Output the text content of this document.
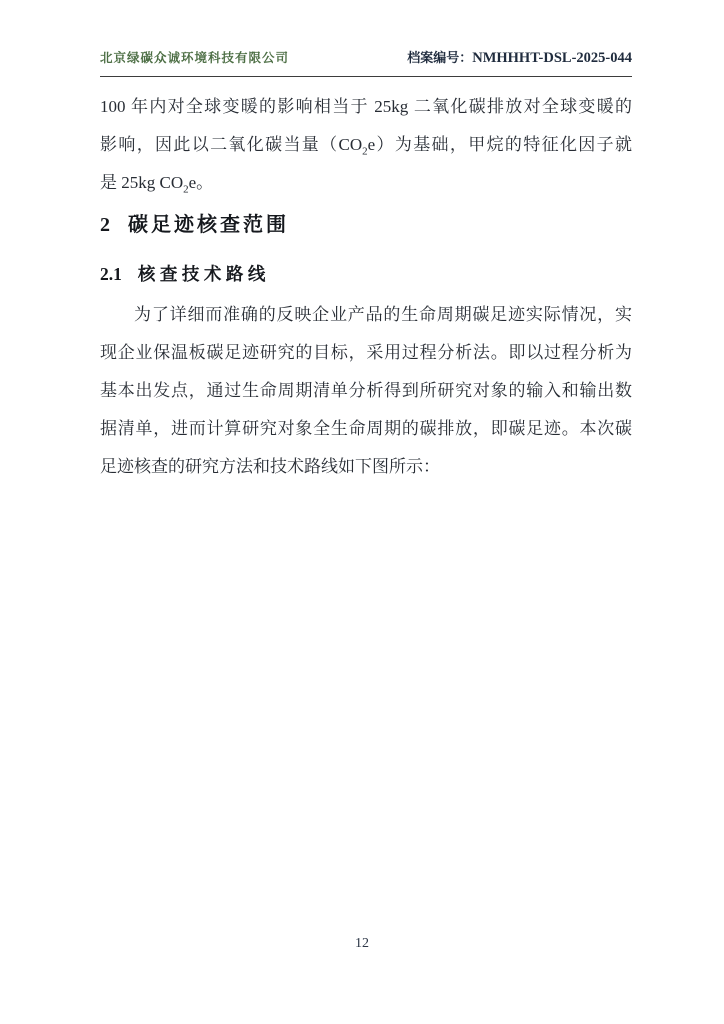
北京绿碳众诚环境科技有限公司	档案编号：NMHHHT-DSL-2025-044

100 年内对全球变暖的影响相当于 25kg 二氧化碳排放对全球变暖的
影响，因此以二氧化碳当量$(CO_2e)$为基础，甲烷的特征化因子就
是 25kg $CO_2e$。

2 碳足迹核查范围
2.1 核查技术路线

为了详细而准确的反映企业产品的生命周期碳足迹实际情况，实
现企业保温板碳足迹研究的目标，采用过程分析法。即以过程分析为
基本出发点，通过生命周期清单分析得到所研究对象的输入和输出数
据清单，进而计算研究对象全生命周期的碳排放，即碳足迹。本次碳
足迹核查的研究方法和技术路线如下图所示：

12
